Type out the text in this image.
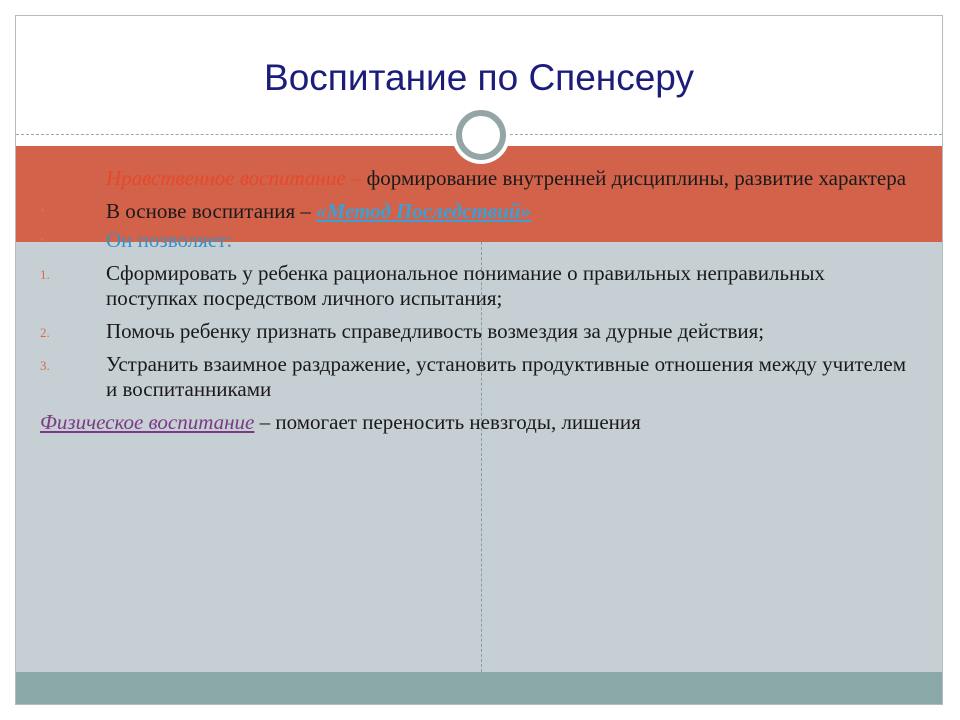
Воспитание по Спенсеру
Нравственное воспитание – формирование внутренней дисциплины, развитие характера
•	В основе воспитания – «Метод Последствий»
•	Он позволяет:
1.	Сформировать у ребенка рациональное понимание о правильных неправильных поступках посредством личного испытания;
2.	Помочь ребенку признать справедливость возмездия за дурные действия;
3.	Устранить взаимное раздражение, установить продуктивные отношения между учителем и воспитанниками
Физическое воспитание – помогает переносить невзгоды, лишения
